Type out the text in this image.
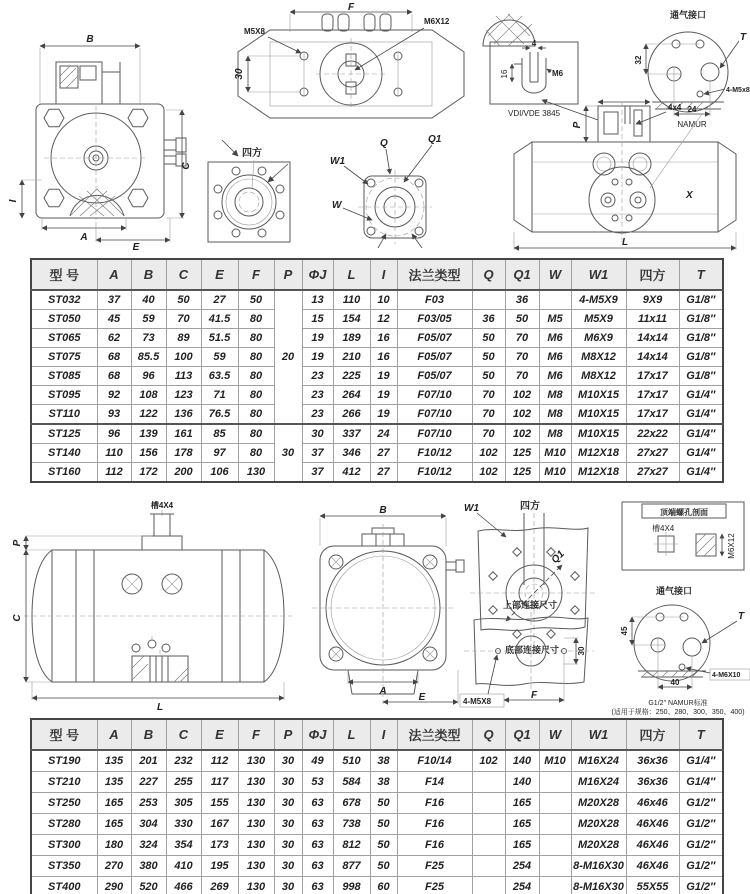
B
C
I
A
E
F
M5X8
M6X12
30
四方
W1
Q	Q1
W
4
16	M6
VDI/VDE 3845
通气接口
32
24
T
4-M5x8
NAMUR
4x4
P
X
L
型 号	A	B	C	E	F	P	ΦJ	L	I	法兰类型	Q	Q1	W	W1	四方	T
ST032	37	40	50	27	50	20	13	110	10	F03		36		4-M5X9	9X9	G1/8″
ST050	45	59	70	41.5	80		15	154	12	F03/05	36	50	M5	M5X9	11x11	G1/8″
ST065	62	73	89	51.5	80		19	189	16	F05/07	50	70	M6	M6X9	14x14	G1/8″
ST075	68	85.5	100	59	80		19	210	16	F05/07	50	70	M6	M8X12	14x14	G1/8″
ST085	68	96	113	63.5	80		23	225	19	F05/07	50	70	M6	M8X12	17x17	G1/8″
ST095	92	108	123	71	80		23	264	19	F07/10	70	102	M8	M10X15	17x17	G1/4″
ST110	93	122	136	76.5	80		23	266	19	F07/10	70	102	M8	M10X15	17x17	G1/4″
ST125	96	139	161	85	80	30	30	337	24	F07/10	70	102	M8	M10X15	22x22	G1/4″
ST140	110	156	178	97	80		37	346	27	F10/12	102	125	M10	M12X18	27x27	G1/4″
ST160	112	172	200	106	130		37	412	27	F10/12	102	125	M10	M12X18	27x27	G1/4″
槽4X4
P
C
L
B
A
E
W1	四方
Q1
底部连接尺寸
上部连接尺寸
30
4-M5X8
F
顶端螺孔剖面
槽4X4
M6X12
通气接口
45
40
T
4-M6X10
G1/2″ NAMUR标准
(适用于规格：250、280、300、350、400)
型 号	A	B	C	E	F	P	ΦJ	L	I	法兰类型	Q	Q1	W	W1	四方	T
ST190	135	201	232	112	130	30	49	510	38	F10/14	102	140	M10	M16X24	36x36	G1/4″
ST210	135	227	255	117	130	30	53	584	38	F14		140		M16X24	36x36	G1/4″
ST250	165	253	305	155	130	30	63	678	50	F16		165		M20X28	46x46	G1/2″
ST280	165	304	330	167	130	30	63	738	50	F16		165		M20X28	46X46	G1/2″
ST300	180	324	354	173	130	30	63	812	50	F16		165		M20X28	46X46	G1/2″
ST350	270	380	410	195	130	30	63	877	50	F25		254		8-M16X30	46X46	G1/2″
ST400	290	520	466	269	130	30	63	998	60	F25		254		8-M16X30	55X55	G1/2″
